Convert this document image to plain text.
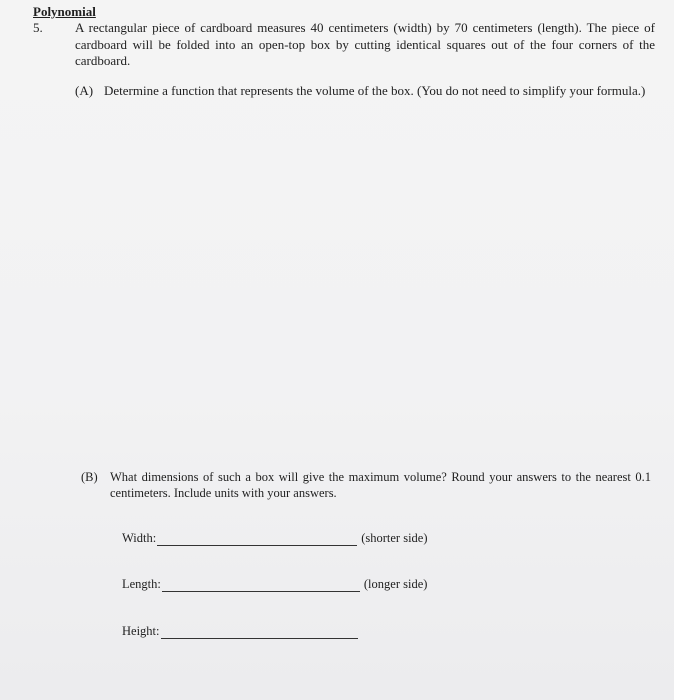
Polynomial
5. A rectangular piece of cardboard measures 40 centimeters (width) by 70 centimeters (length). The piece of cardboard will be folded into an open-top box by cutting identical squares out of the four corners of the cardboard.
(A) Determine a function that represents the volume of the box. (You do not need to simplify your formula.)
(B) What dimensions of such a box will give the maximum volume? Round your answers to the nearest 0.1 centimeters. Include units with your answers.
Width:	(shorter side)
Length:	(longer side)
Height:
